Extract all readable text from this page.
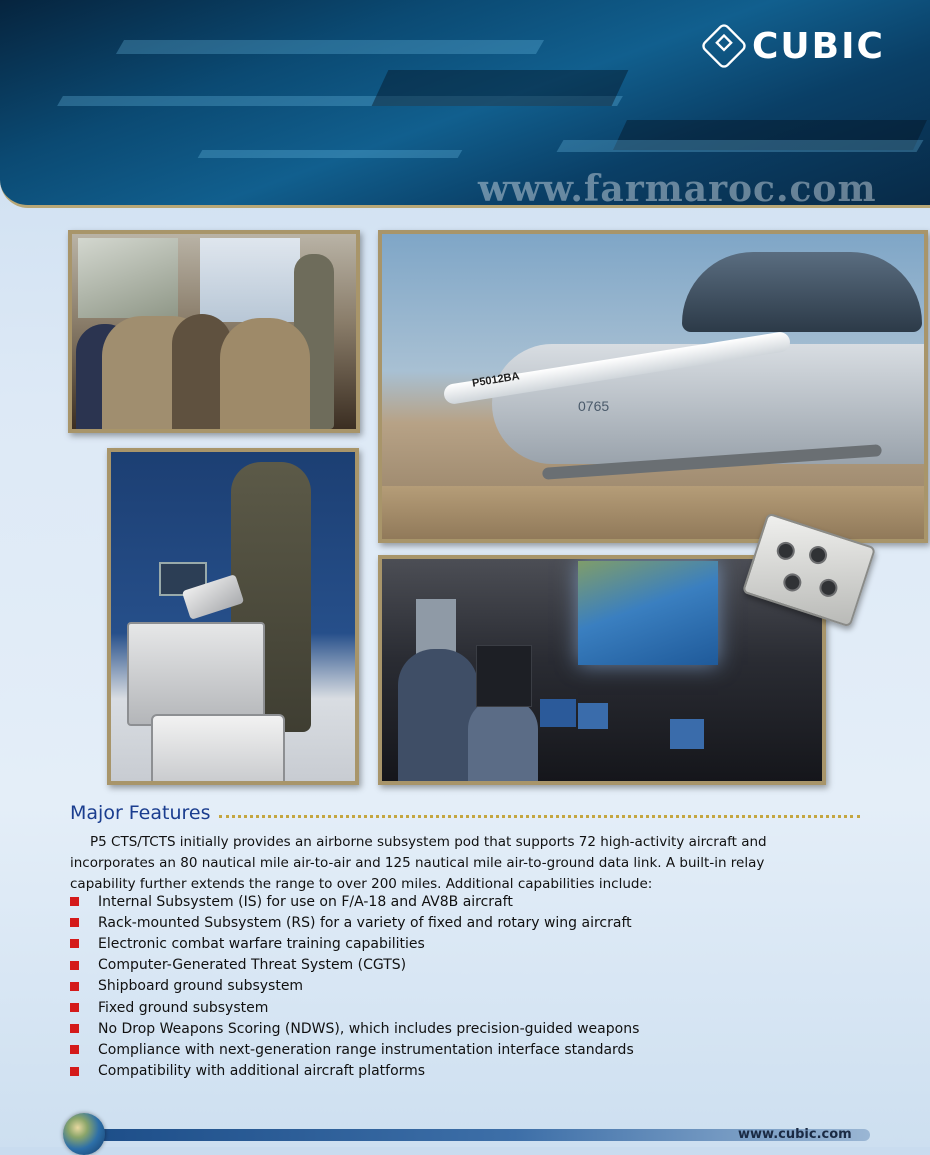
CUBIC
www.farmaroc.com
P5012BA
0765
Major Features

P5 CTS/TCTS initially provides an airborne subsystem pod that supports 72 high-activity aircraft and incorporates an 80 nautical mile air-to-air and 125 nautical mile air-to-ground data link. A built-in relay capability further extends the range to over 200 miles. Additional capabilities include:

Internal Subsystem (IS) for use on F/A-18 and AV8B aircraft
Rack-mounted Subsystem (RS) for a variety of fixed and rotary wing aircraft
Electronic combat warfare training capabilities
Computer-Generated Threat System (CGTS)
Shipboard ground subsystem
Fixed ground subsystem
No Drop Weapons Scoring (NDWS), which includes precision-guided weapons
Compliance with next-generation range instrumentation interface standards
Compatibility with additional aircraft platforms
www.cubic.com
